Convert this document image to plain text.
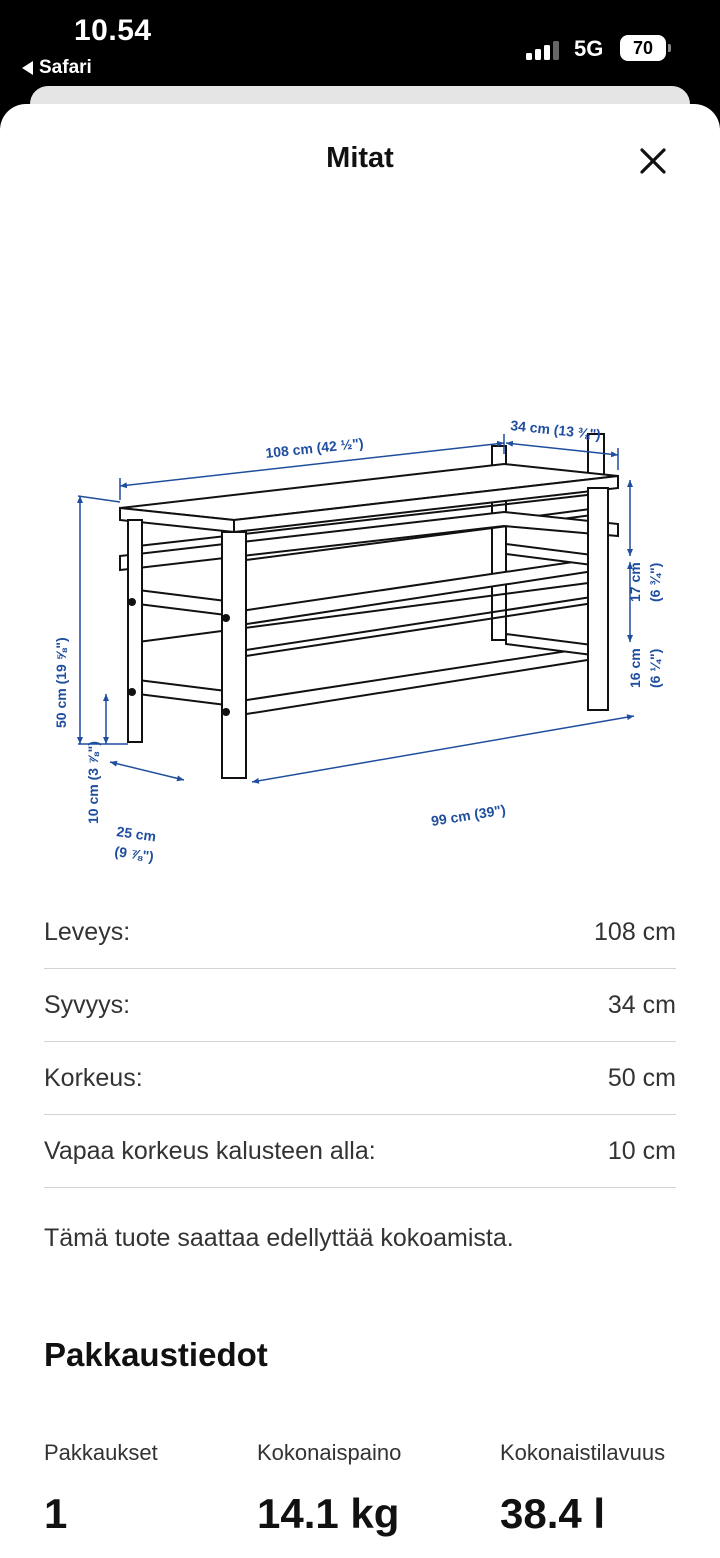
10.54
Safari
5G 70
Mitat
108 cm (42 ½")
34 cm (13 ⅜")
50 cm (19 ⅝")
10 cm (3 ⅞")
17 cm (6 ¾")
16 cm (6 ¼")
99 cm (39")
25 cm
(9 ⅞")
Leveys:	108 cm
Syvyys:	34 cm
Korkeus:	50 cm
Vapaa korkeus kalusteen alla:	10 cm
Tämä tuote saattaa edellyttää kokoamista.
Pakkaustiedot
Pakkaukset
1
Kokonaispaino
14.1 kg
Kokonaistilavuus
38.4 l
